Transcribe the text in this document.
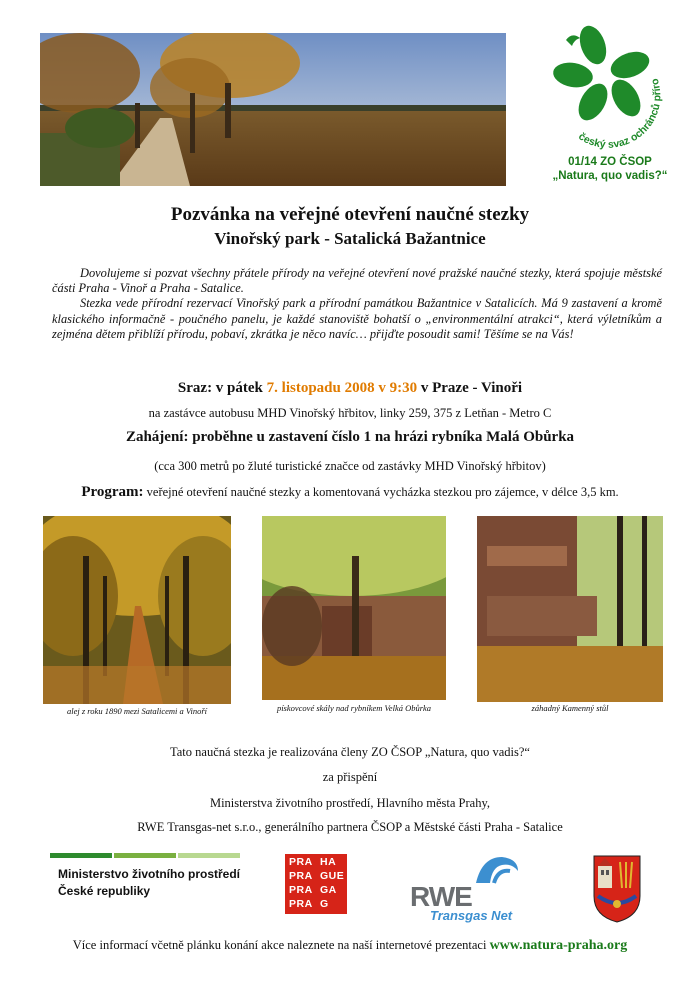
český svaz ochránců příro
01/14 ZO ČSOP
„Natura, quo vadis?“
Pozvánka na veřejné otevření naučné stezky
Vinořský park - Satalická Bažantnice

Dovolujeme si pozvat všechny přátele přírody na veřejné otevření nové pražské naučné stezky, která spojuje městské části Praha - Vinoř a Praha - Satalice.

Stezka vede přírodní rezervací Vinořský park a přírodní památkou Bažantnice v Satalicích. Má 9 zastavení a kromě klasického informačně - poučného panelu, je každé stanoviště bohatší o „environmentální atrakci“, která výletníkům a zejména dětem přiblíží přírodu, pobaví, zkrátka je něco navíc… přijďte posoudit sami! Těšíme se na Vás!

Sraz: v pátek 7. listopadu 2008 v 9:30 v Praze - Vinoři
na zastávce autobusu MHD Vinořský hřbitov, linky 259, 375 z Letňan - Metro C
Zahájení: proběhne u zastavení číslo 1 na hrázi rybníka Malá Obůrka
(cca 300 metrů po žluté turistické značce od zastávky MHD Vinořský hřbitov)
Program: veřejné otevření naučné stezky a komentovaná vycházka stezkou pro zájemce, v délce 3,5 km.
alej z roku 1890 mezi Satalicemi a Vinoří	pískovcové skály nad rybníkem Velká Obůrka	záhadný Kamenný stůl
Tato naučná stezka je realizována členy ZO ČSOP „Natura, quo vadis?“
za přispění
Ministerstva životního prostředí, Hlavního města Prahy,
RWE Transgas-net s.r.o., generálního partnera ČSOP a Městské části Praha - Satalice
Ministerstvo životního prostředí
České republiky
PRA HA
PRA GUE
PRA GA
PRA G	RWE
Transgas Net
Více informací včetně plánku konání akce naleznete na naší internetové prezentaci www.natura-praha.org
